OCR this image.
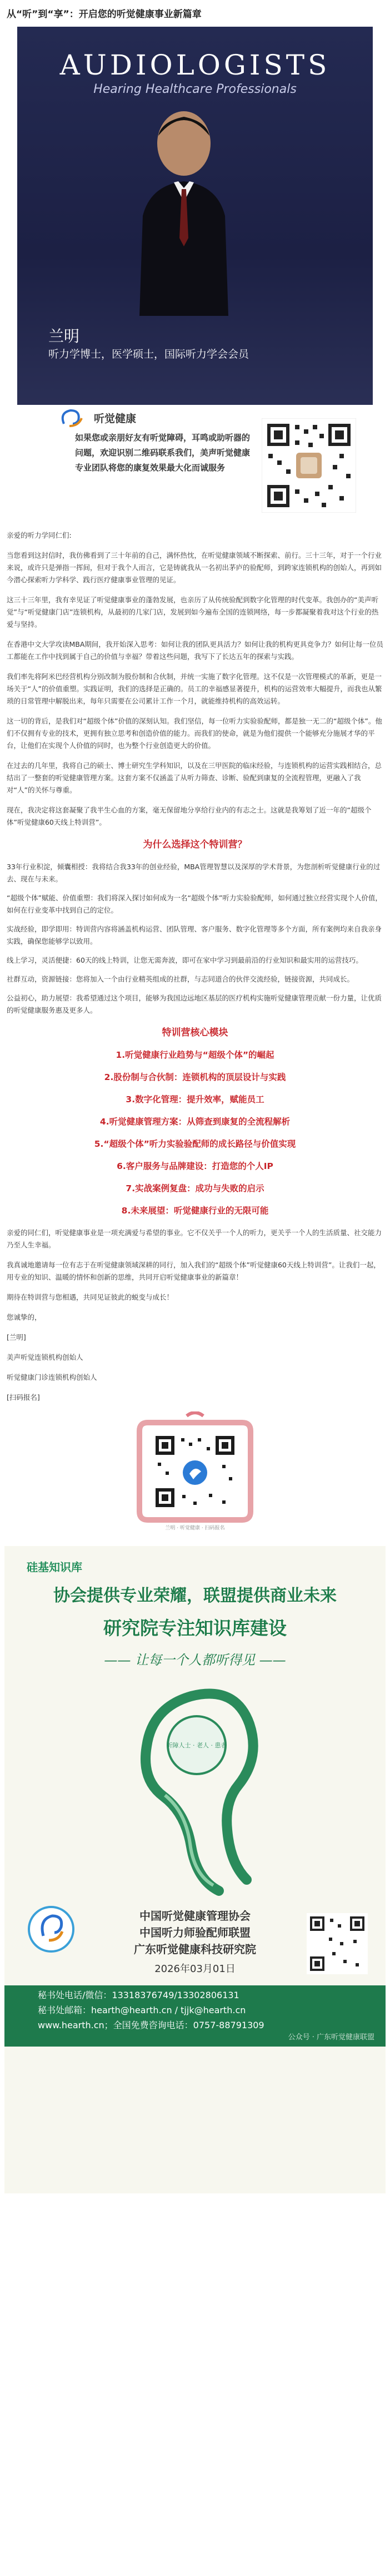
从“听”到“享”：开启您的听觉健康事业新篇章
AUDIOLOGISTS
Hearing Healthcare Professionals
兰明
听力学博士，医学硕士，国际听力学会会员
听觉健康
如果您或亲朋好友有听觉障碍，耳鸣或助听器的问题，欢迎识别二维码联系我们，美声听觉健康专业团队将您的康复效果最大化而诚服务

亲爱的听力学同仁们:

当您看到这封信时，我仿佛看到了三十年前的自己，满怀热忱，在听觉健康领域不断探索、前行。三十三年，对于一个行业来说，或许只是弹指一挥间，但对于我个人而言，它是铸就我从一名初出茅庐的验配师，到跨家连锁机构的创始人，再到如今潜心探索听力学科学、践行医疗健康事业管理的见证。

这三十三年里，我有幸见证了听觉健康事业的蓬勃发展，也亲历了从传统验配到数字化管理的时代变革。我创办的“美声听觉”与“听觉健康门店”连锁机构，从最初的几家门店，发展到如今遍布全国的连锁网络，每一步都凝聚着我对这个行业的热爱与坚持。

在香港中文大学攻读MBA期间，我开始深入思考：如何让我的团队更具活力？如何让我的机构更具竞争力？如何让每一位员工都能在工作中找到属于自己的价值与幸福？带着这些问题，我写下了长达五年的探索与实践。

我们率先将阿米巴经营机构分别改制为股份制和合伙制，并统一实施了数字化管理。这不仅是一次管理模式的革新，更是一场关于“人”的价值重塑。实践证明，我们的选择是正确的。员工的幸福感显著提升，机构的运营效率大幅提升，而我也从繁琐的日常管理中解脱出来，每年只需要在公司累计工作一个月，就能维持机构的高效运转。

这一切的背后，是我们对“超级个体”价值的深刻认知。我们坚信，每一位听力实验验配师，都是独一无二的“超级个体”。他们不仅拥有专业的技术，更拥有独立思考和创造价值的能力。而我们的使命，就是为他们提供一个能够充分施展才华的平台，让他们在实现个人价值的同时，也为整个行业创造更大的价值。

在过去的几年里，我将自己的硕士、博士研究生学科知识，以及在三甲医院的临床经验，与连锁机构的运营实践相结合，总结出了一整套的听觉健康管理方案。这套方案不仅涵盖了从听力筛查、诊断、验配到康复的全流程管理，更融入了我对“人”的关怀与尊重。

现在，我决定将这套凝聚了我半生心血的方案，毫无保留地分享给行业内的有志之士。这就是我筹划了近一年的“超级个体”听觉健康60天线上特训营”。

为什么选择这个特训营？

33年行业积淀，倾囊相授：我将结合我33年的创业经验，MBA管理智慧以及深厚的学术背景，为您剖析听觉健康行业的过去、现在与未来。

“超级个体”赋能、价值重塑：我们将深入探讨如何成为一名“超级个体”听力实验验配师，如何通过独立经营实现个人价值，如何在行业变革中找到自己的定位。

实战经验，即学即用：特训营内容将涵盖机构运营、团队管理、客户服务、数字化管理等多个方面，所有案例均来自我亲身实践，确保您能够学以致用。

线上学习，灵活便捷：60天的线上特训，让您无需奔波，即可在家中学习到最前沿的行业知识和最实用的运营技巧。

社群互动，资源链接：您将加入一个由行业精英组成的社群，与志同道合的伙伴交流经验，链接资源，共同成长。

公益初心，助力展望：我希望通过这个项目，能够为我国边远地区基层的医疗机构实施听觉健康管理贡献一份力量，让优质的听觉健康服务惠及更多人。

特训营核心模块
1.听觉健康行业趋势与“超级个体”的崛起
2.股份制与合伙制：连锁机构的顶层设计与实践
3.数字化管理：提升效率，赋能员工
4.听觉健康管理方案：从筛查到康复的全流程解析
5.“超级个体”听力实验验配师的成长路径与价值实现
6.客户服务与品牌建设：打造您的个人IP
7.实战案例复盘：成功与失败的启示
8.未来展望：听觉健康行业的无限可能

亲爱的同仁们，听觉健康事业是一项充满爱与希望的事业。它不仅关乎一个人的听力，更关乎一个人的生活质量、社交能力乃至人生幸福。

我真诚地邀请每一位有志于在听觉健康领域深耕的同行，加入我们的“超级个体”听觉健康60天线上特训营”。让我们一起，用专业的知识、温暖的情怀和创新的思维，共同开启听觉健康事业的新篇章！

期待在特训营与您相遇，共同见证彼此的蜕变与成长！

您诚挚的，

[兰明]

美声听觉连锁机构创始人

听觉健康门诊连锁机构创始人

[扫码报名]

兰明 · 听觉健康 · 扫码报名
硅基知识库
协会提供专业荣耀，联盟提供商业未来
研究院专注知识库建设
—— 让每一个人都听得见 ——
听障人士 · 老人 · 患者
中国听觉健康管理协会
中国听力师验配师联盟
广东听觉健康科技研究院
2026年03月01日
秘书处电话/微信：13318376749/13302806131
秘书处邮箱：hearth@hearth.cn / tjjk@hearth.cn
www.hearth.cn；全国免费咨询电话：0757-88791309
公众号 · 广东听觉健康联盟
